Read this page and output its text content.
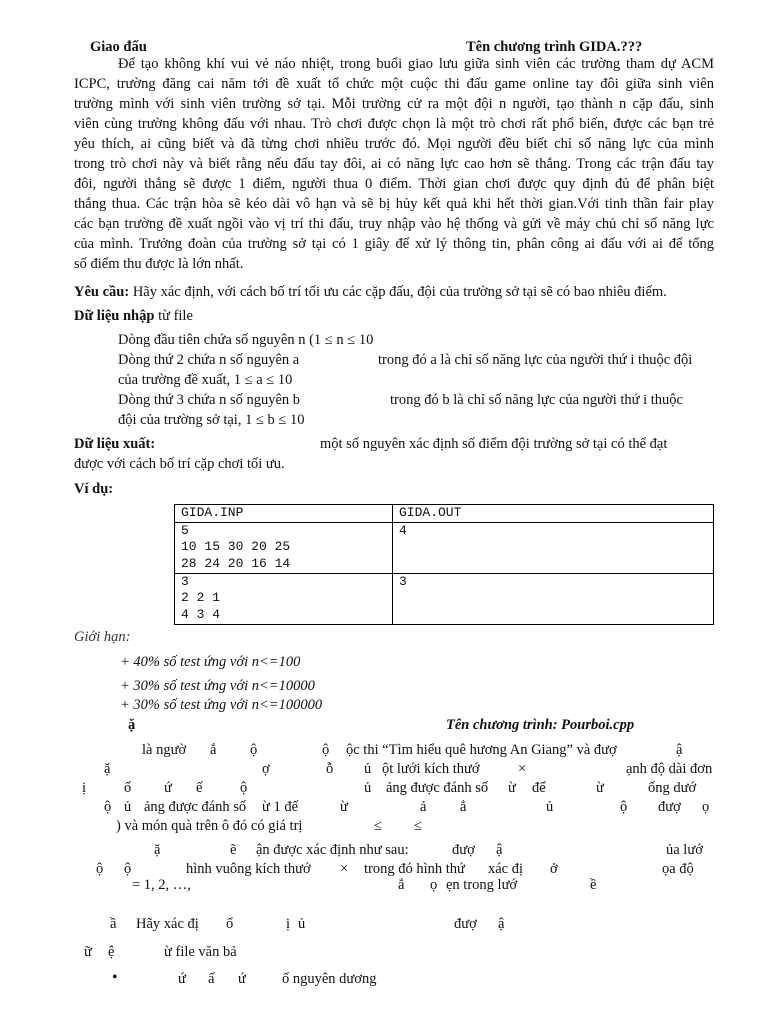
Giao đấu	Tên chương trình GIDA.???
Để tạo không khí vui vẻ náo nhiệt, trong buổi giao lưu giữa sinh viên các trường tham dự ACM
ICPC, trường đăng cai năm tới đề xuất tổ chức một cuộc thi đấu game online tay đôi giữa sinh viên
trường mình với sinh viên trường sở tại. Mỗi trường cử ra một đội n người, tạo thành n cặp đấu, sinh
viên cùng trường không đấu với nhau. Trò chơi được chọn là một trò chơi rất phổ biến, được các bạn trẻ
yêu thích, ai cũng biết và đã từng chơi nhiều trước đó. Mọi người đều biết chỉ số năng lực của mình
trong trò chơi này và biết rằng nếu đấu tay đôi, ai có năng lực cao hơn sẽ thắng. Trong các trận đấu tay
đôi, người thắng sẽ được 1 điểm, người thua 0 điểm. Thời gian chơi được quy định đủ để phân biệt
thắng thua. Các trận hòa sẽ kéo dài vô hạn và sẽ bị hủy kết quả khi hết thời gian.Với tinh thần fair play
các bạn trường đề xuất ngồi vào vị trí thi đấu, truy nhập vào hệ thống và gửi về máy chủ chỉ số năng lực
của mình. Trưởng đoàn của trường sở tại có 1 giây để xử lý thông tin, phân công ai đấu với ai để tổng
số điểm thu được là lớn nhất.
Yêu cầu: Hãy xác định, với cách bố trí tối ưu các cặp đấu, đội của trường sở tại sẽ có bao nhiêu điểm.
Dữ liệu nhập từ file
Dòng đầu tiên chứa số nguyên n (1 ≤ n ≤ 10
Dòng thứ 2 chứa n số nguyên a	trong đó a là chỉ số năng lực của người thứ i thuộc đội
của trường đề xuất, 1 ≤ a ≤ 10
Dòng thứ 3 chứa n số nguyên b	trong đó b là chỉ số năng lực của người thứ i thuộc
đội của trường sở tại, 1 ≤ b ≤ 10
Dữ liệu xuất:	một số nguyên xác định số điểm đội trường sở tại có thể đạt
được với cách bố trí cặp chơi tối ưu.
Ví dụ:
GIDA.INP	GIDA.OUT
5
10 15 30 20 25
28 24 20 16 14	4
3
2 2 1
4 3 4	3
Giới hạn:
+ 40% số test ứng với n<=100
+ 30% số test ứng với n<=10000
+ 30% số test ứng với n<=100000
ặ	Tên chương trình: Pourboi.cpp
là ngườ ắ ộ	ộ ộc thi “Tìm hiểu quê hương An Giang” và đượ	ậ
ặ	ợ	ỗ ủ ột lưới kích thướ	×	ạnh độ dài đơn
ị	ố ứ ế	ộ	ủ ảng được đánh số ừ để	ừ	ống dướ
ộ ủ ảng được đánh số ừ 1 đế	ừ	ả ẳ	ủ	ộ đượ ọ
) và món quà trên ô đó có giá trị	≤ ≤
ặ	ẽ ận được xác định như sau:	đượ ậ	ủa lướ
ộ ộ	hình vuông kích thướ × trong đó hình thứ xác đị ở	ọa độ
= 1, 2, …,	ắ ọ ẹn trong lướ	ề
ầ Hãy xác đị ổ	ị ủ	đượ ậ
ữ ệ	ừ file văn bả
ứ ấ ứ ố nguyên dương
•
